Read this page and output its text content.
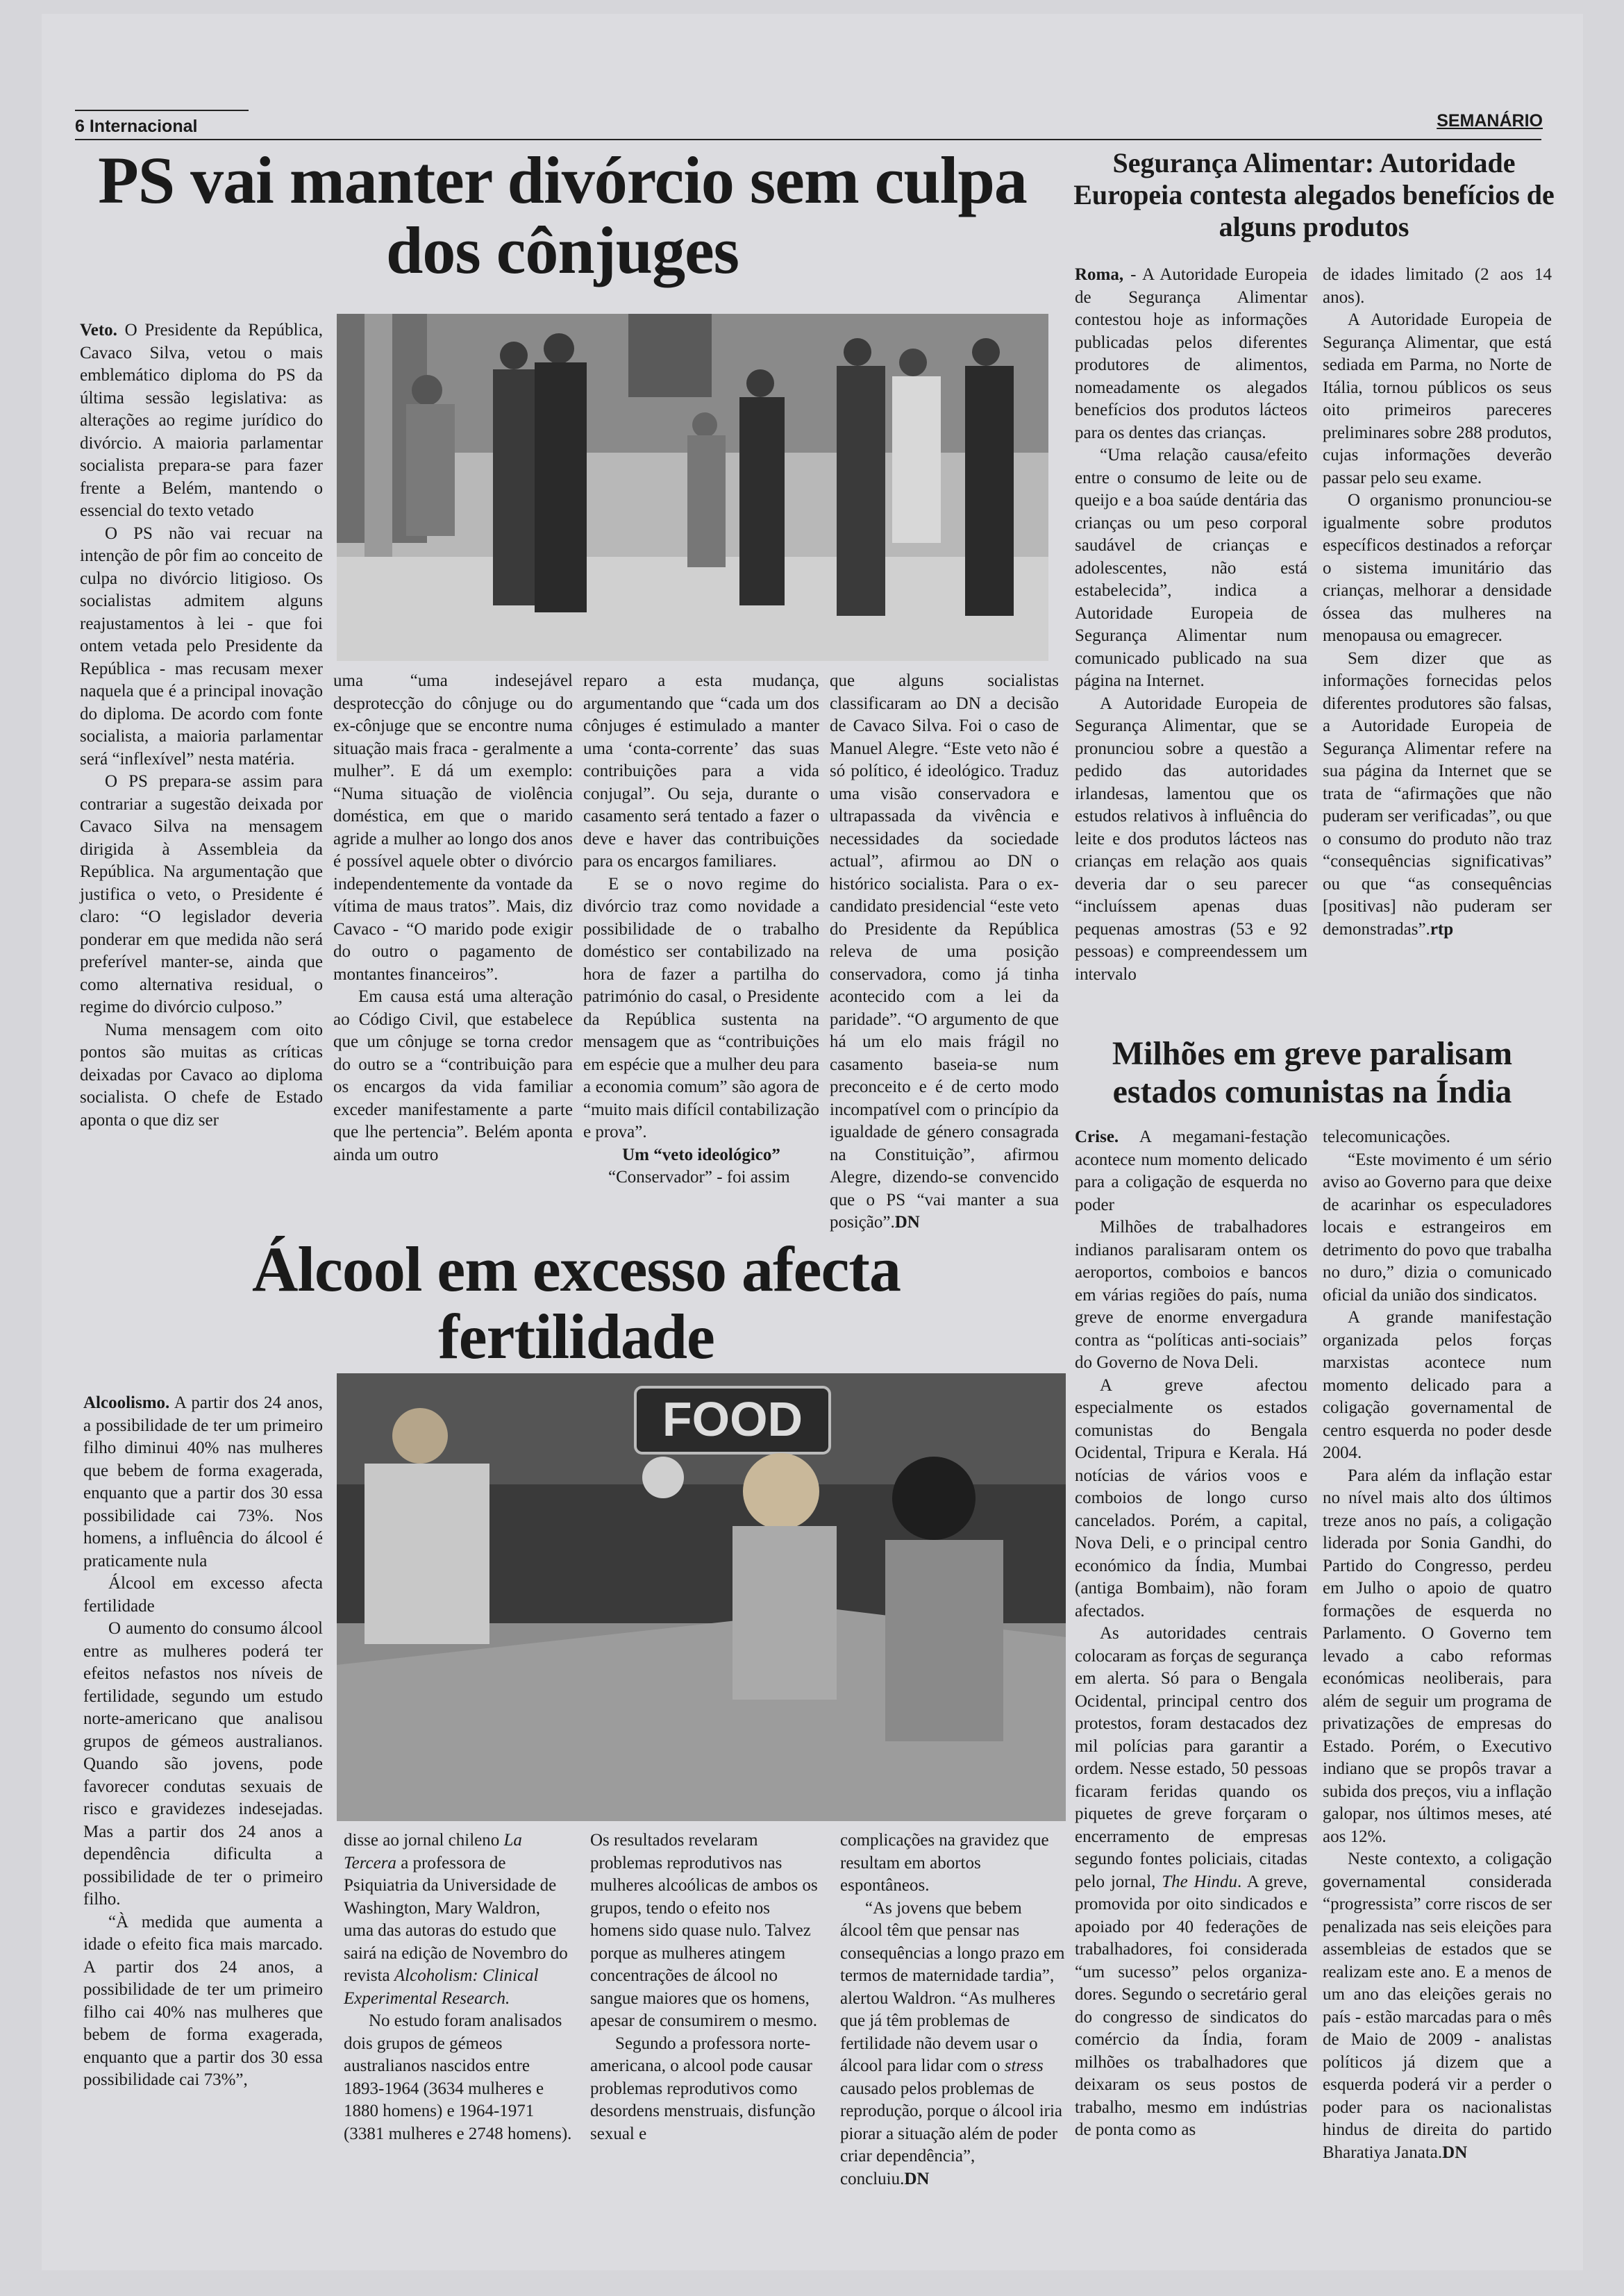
6 Internacional	SEMANÁRIO
PS vai manter divórcio sem culpa dos cônjuges

Veto. O Presidente da República, Cavaco Silva, vetou o mais emblemático diploma do PS da última sessão legislativa: as alterações ao regime jurídico do divórcio. A maioria parlamentar socialista prepara-se para fazer frente a Belém, mantendo o essencial do texto vetado

O PS não vai recuar na intenção de pôr fim ao conceito de culpa no divórcio litigioso. Os socialistas admitem alguns reajustamentos à lei - que foi ontem vetada pelo Presidente da República - mas recusam mexer naquela que é a principal inovação do diploma. De acordo com fonte socialista, a maioria parlamentar será “inflexível” nesta matéria.

O PS prepara-se assim para contrariar a sugestão deixada por Cavaco Silva na mensagem dirigida à Assembleia da República. Na argumentação que justifica o veto, o Presidente é claro: “O legislador deveria ponderar em que medida não será preferível manter-se, ainda que como alternativa residual, o regime do divórcio culposo.”

Numa mensagem com oito pontos são muitas as críticas deixadas por Cavaco ao diploma socialista. O chefe de Estado aponta o que diz ser

uma “uma indesejável desprotecção do cônjuge ou do ex-cônjuge que se encontre numa situação mais fraca - geralmente a mulher”. E dá um exemplo: “Numa situação de violência doméstica, em que o marido agride a mulher ao longo dos anos é possível aquele obter o divórcio independentemente da vontade da vítima de maus tratos”. Mais, diz Cavaco - “O marido pode exigir do outro o pagamento de montantes financeiros”.

Em causa está uma alteração ao Código Civil, que estabelece que um cônjuge se torna credor do outro se a “contribuição para os encargos da vida familiar exceder manifestamente a parte que lhe pertencia”. Belém aponta ainda um outro

reparo a esta mudança, argumentando que “cada um dos cônjuges é estimulado a manter uma ‘conta-corrente’ das suas contribuições para a vida conjugal”. Ou seja, durante o casamento será tentado a fazer o deve e haver das contribuições para os encargos familiares.

E se o novo regime do divórcio traz como novidade a possibilidade de o trabalho doméstico ser contabilizado na hora de fazer a partilha do património do casal, o Presidente da República sustenta na mensagem que as “contribuições em espécie que a mulher deu para a economia comum” são agora de “muito mais difícil contabilização e prova”.

Um “veto ideológico”

“Conservador” - foi assim

que alguns socialistas classificaram ao DN a decisão de Cavaco Silva. Foi o caso de Manuel Alegre. “Este veto não é só político, é ideológico. Traduz uma visão conservadora e ultrapassada da vivência e necessidades da sociedade actual”, afirmou ao DN o histórico socialista. Para o ex-candidato presidencial “este veto do Presidente da República releva de uma posição conservadora, como já tinha acontecido com a lei da paridade”. “O argumento de que há um elo mais frágil no casamento baseia-se num preconceito e é de certo modo incompatível com o princípio da igualdade de género consagrada na Constituição”, afirmou Alegre, dizendo-se convencido que o PS “vai manter a sua posição”.DN

Segurança Alimentar: Autoridade Europeia contesta alegados benefícios de alguns produtos

Roma, - A Autoridade Europeia de Segurança Alimentar contestou hoje as informações publicadas pelos diferentes produtores de alimentos, nomeadamente os alegados benefícios dos produtos lácteos para os dentes das crianças.

“Uma relação causa/efeito entre o consumo de leite ou de queijo e a boa saúde dentária das crianças ou um peso corporal saudável de crianças e adolescentes, não está estabelecida”, indica a Autoridade Europeia de Segurança Alimentar num comunicado publicado na sua página na Internet.

A Autoridade Europeia de Segurança Alimentar, que se pronunciou sobre a questão a pedido das autoridades irlandesas, lamentou que os estudos relativos à influência do leite e dos produtos lácteos nas crianças em relação aos quais deveria dar o seu parecer “incluíssem apenas duas pequenas amostras (53 e 92 pessoas) e compreendessem um intervalo

de idades limitado (2 aos 14 anos).

A Autoridade Europeia de Segurança Alimentar, que está sediada em Parma, no Norte de Itália, tornou públicos os seus oito primeiros pareceres preliminares sobre 288 produtos, cujas informações deverão passar pelo seu exame.

O organismo pronunciou-se igualmente sobre produtos específicos destinados a reforçar o sistema imunitário das crianças, melhorar a densidade óssea das mulheres na menopausa ou emagrecer.

Sem dizer que as informações fornecidas pelos diferentes produtores são falsas, a Autoridade Europeia de Segurança Alimentar refere na sua página da Internet que se trata de “afirmações que não puderam ser verificadas”, ou que o consumo do produto não traz “consequências significativas” ou que “as consequências [positivas] não puderam ser demonstradas”.rtp

Milhões em greve paralisam estados comunistas na Índia

Crise. A megamani-festação acontece num momento delicado para a coligação de esquerda no poder

Milhões de trabalhadores indianos paralisaram ontem os aeroportos, comboios e bancos em várias regiões do país, numa greve de enorme envergadura contra as “políticas anti-sociais” do Governo de Nova Deli.

A greve afectou especialmente os estados comunistas do Bengala Ocidental, Tripura e Kerala. Há notícias de vários voos e comboios de longo curso cancelados. Porém, a capital, Nova Deli, e o principal centro económico da Índia, Mumbai (antiga Bombaim), não foram afectados.

As autoridades centrais colocaram as forças de segurança em alerta. Só para o Bengala Ocidental, principal centro dos protestos, foram destacados dez mil polícias para garantir a ordem. Nesse estado, 50 pessoas ficaram feridas quando os piquetes de greve forçaram o encerramento de empresas segundo fontes policiais, citadas pelo jornal, The Hindu. A greve, promovida por oito sindicados e apoiado por 40 federações de trabalhadores, foi considerada “um sucesso” pelos organiza-dores. Segundo o secretário geral do congresso de sindicatos do comércio da Índia, foram milhões os trabalhadores que deixaram os seus postos de trabalho, mesmo em indústrias de ponta como as

telecomunicações.

“Este movimento é um sério aviso ao Governo para que deixe de acarinhar os especuladores locais e estrangeiros em detrimento do povo que trabalha no duro,” dizia o comunicado oficial da união dos sindicatos.

A grande manifestação organizada pelos forças marxistas acontece num momento delicado para a coligação governamental de centro esquerda no poder desde 2004.

Para além da inflação estar no nível mais alto dos últimos treze anos no país, a coligação liderada por Sonia Gandhi, do Partido do Congresso, perdeu em Julho o apoio de quatro formações de esquerda no Parlamento. O Governo tem levado a cabo reformas económicas neoliberais, para além de seguir um programa de privatizações de empresas do Estado. Porém, o Executivo indiano que se propôs travar a subida dos preços, viu a inflação galopar, nos últimos meses, até aos 12%.

Neste contexto, a coligação governamental considerada “progressista” corre riscos de ser penalizada nas seis eleições para assembleias de estados que se realizam este ano. E a menos de um ano das eleições gerais no país - estão marcadas para o mês de Maio de 2009 - analistas políticos já dizem que a esquerda poderá vir a perder o poder para os nacionalistas hindus de direita do partido Bharatiya Janata.DN

Álcool em excesso afecta fertilidade
FOOD

Alcoolismo. A partir dos 24 anos, a possibilidade de ter um primeiro filho diminui 40% nas mulheres que bebem de forma exagerada, enquanto que a partir dos 30 essa possibilidade cai 73%. Nos homens, a influência do álcool é praticamente nula

Álcool em excesso afecta fertilidade

O aumento do consumo álcool entre as mulheres poderá ter efeitos nefastos nos níveis de fertilidade, segundo um estudo norte-americano que analisou grupos de gémeos australianos. Quando são jovens, pode favorecer condutas sexuais de risco e gravidezes indesejadas. Mas a partir dos 24 anos a dependência dificulta a possibilidade de ter o primeiro filho.

“À medida que aumenta a idade o efeito fica mais marcado. A partir dos 24 anos, a possibilidade de ter um primeiro filho cai 40% nas mulheres que bebem de forma exagerada, enquanto que a partir dos 30 essa possibilidade cai 73%”,

disse ao jornal chileno La Tercera a professora de Psiquiatria da Universidade de Washington, Mary Waldron, uma das autoras do estudo que sairá na edição de Novembro do revista Alcoholism: Clinical Experimental Research.

No estudo foram analisados dois grupos de gémeos australianos nascidos entre 1893-1964 (3634 mulheres e 1880 homens) e 1964-1971 (3381 mulheres e 2748 homens).

Os resultados revelaram problemas reprodutivos nas mulheres alcoólicas de ambos os grupos, tendo o efeito nos homens sido quase nulo. Talvez porque as mulheres atingem concentrações de álcool no sangue maiores que os homens, apesar de consumirem o mesmo.

Segundo a professora norte-americana, o alcool pode causar problemas reprodutivos como desordens menstruais, disfunção sexual e

complicações na gravidez que resultam em abortos espontâneos.

“As jovens que bebem álcool têm que pensar nas consequências a longo prazo em termos de maternidade tardia”, alertou Waldron. “As mulheres que já têm problemas de fertilidade não devem usar o álcool para lidar com o stress causado pelos problemas de reprodução, porque o álcool iria piorar a situação além de poder criar dependência”, concluiu.DN
